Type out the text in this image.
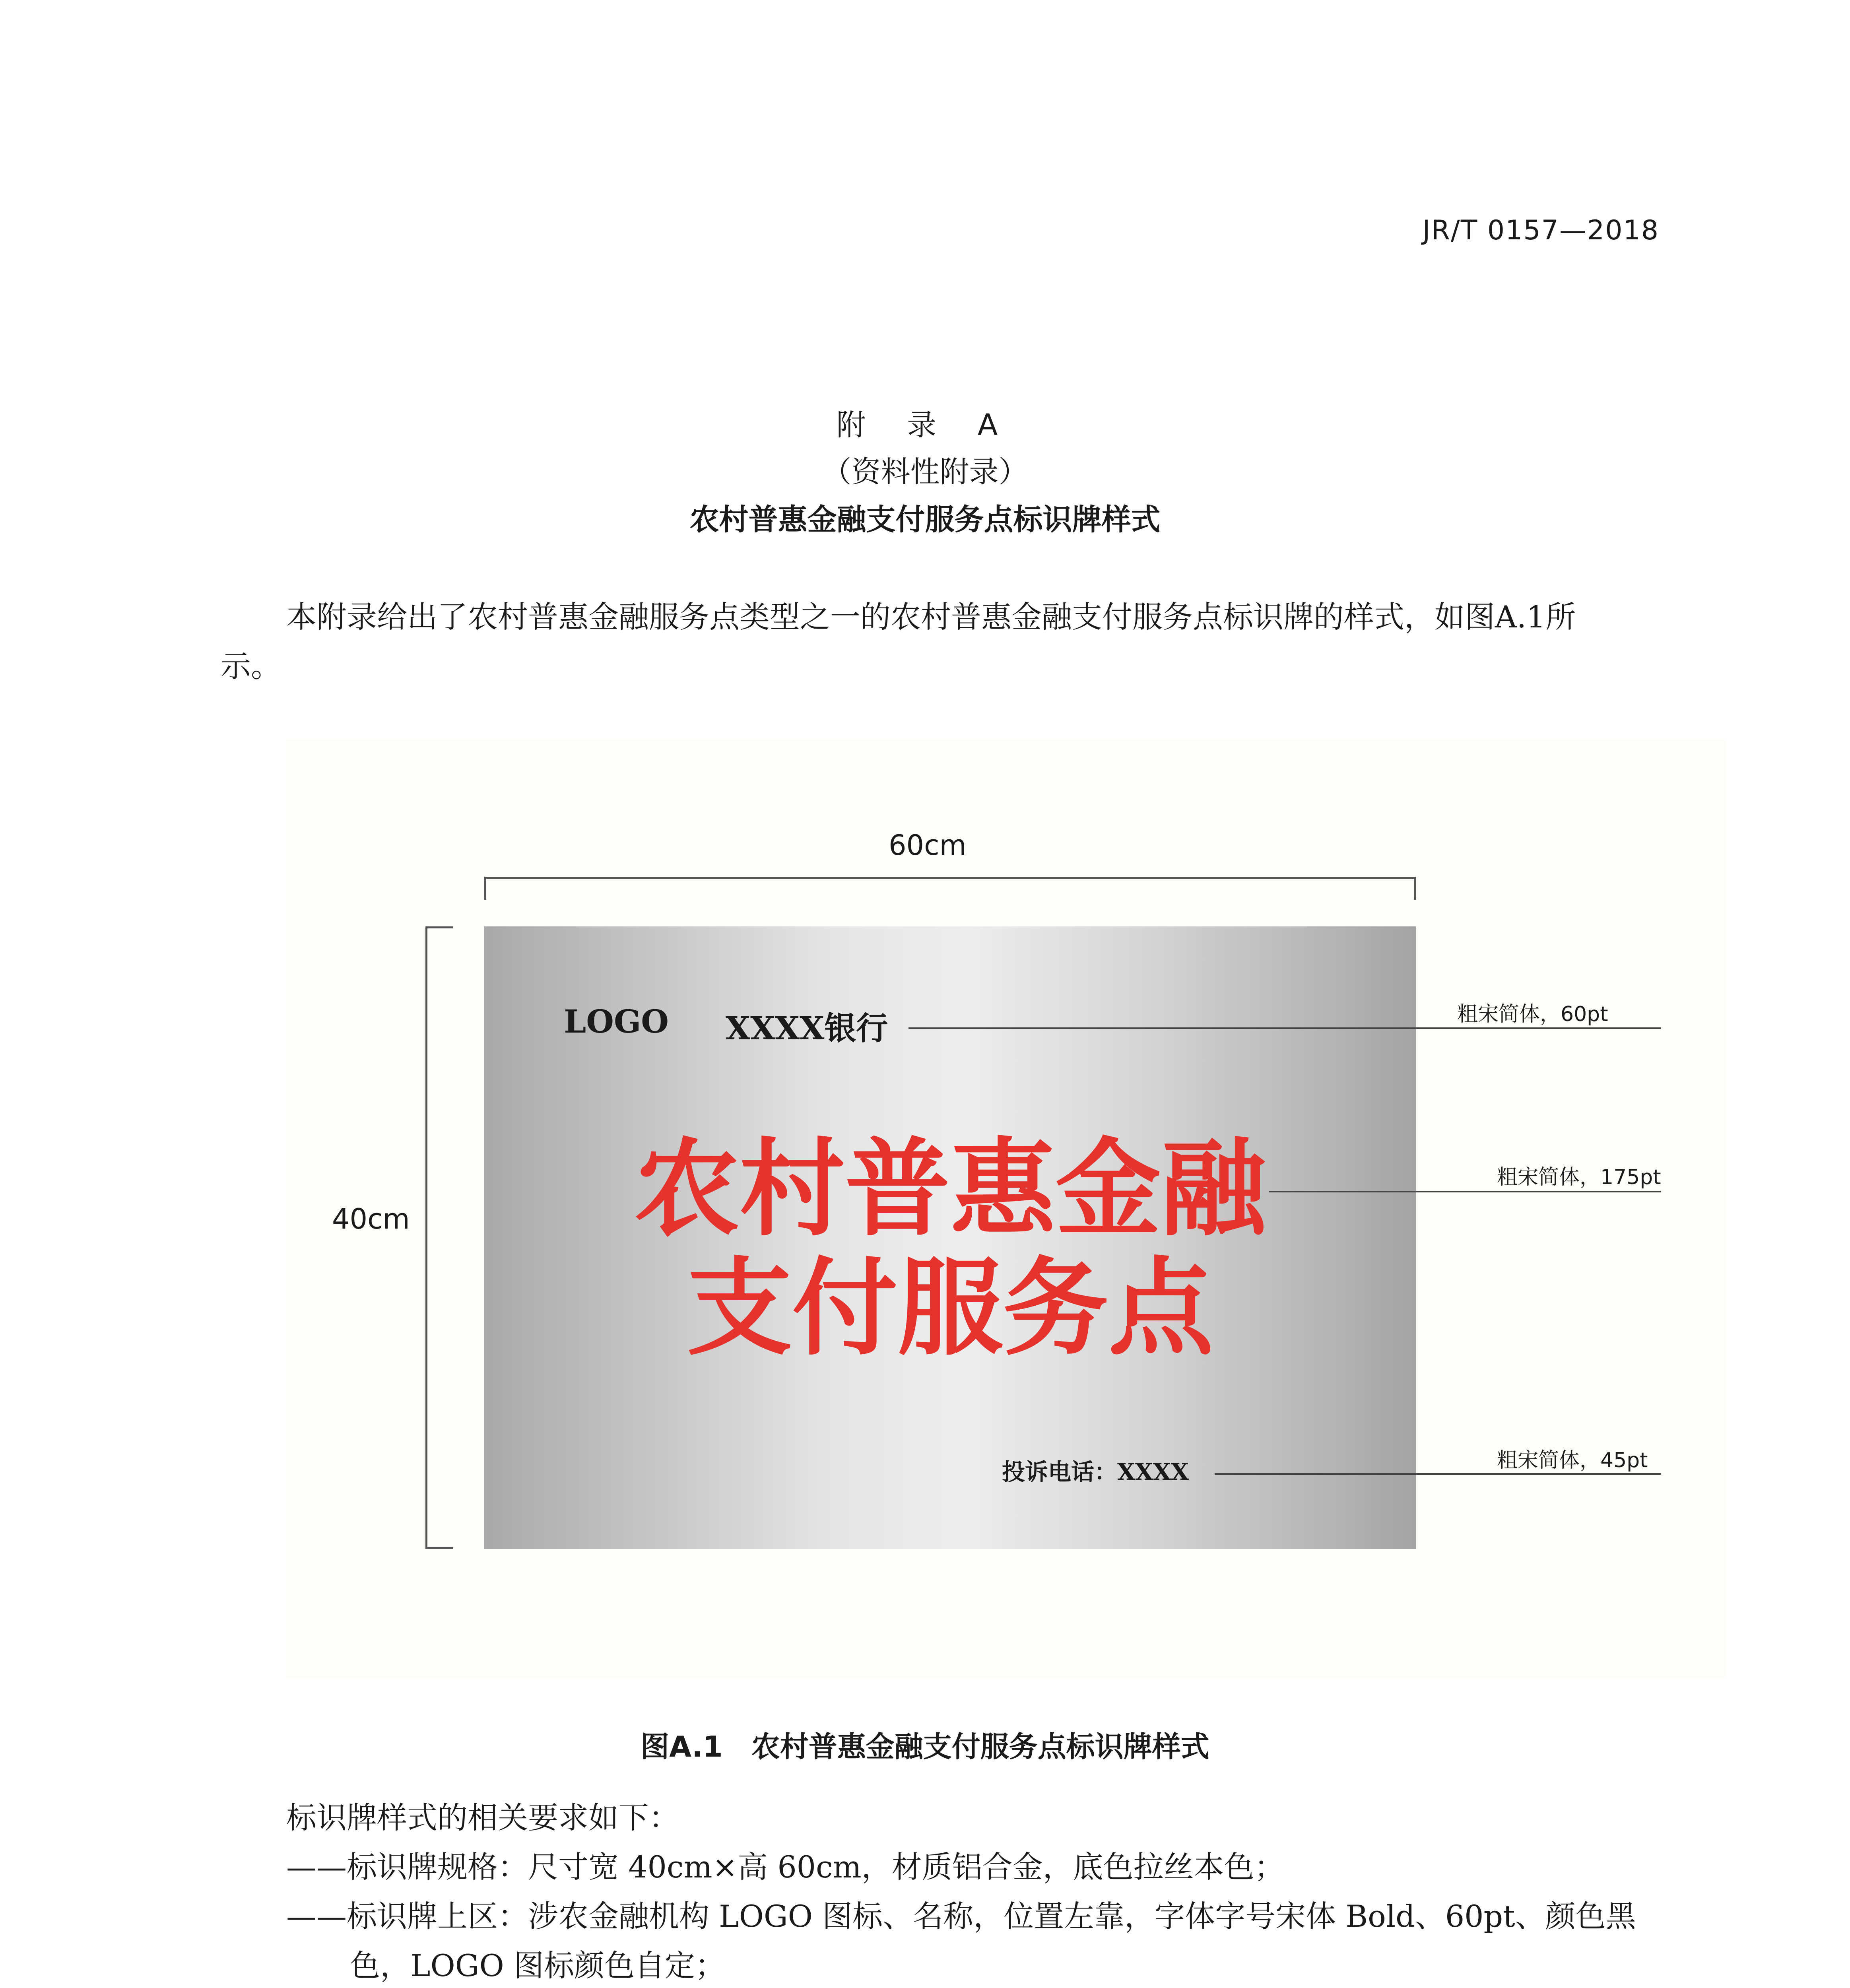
JR/T 0157—2018
附 录 A
（资料性附录）
农村普惠金融支付服务点标识牌样式
本附录给出了农村普惠金融服务点类型之一的农村普惠金融支付服务点标识牌的样式，如图A.1所
示。
60cm
40cm
LOGO XXXX银行
农村普惠金融
支付服务点
投诉电话：XXXX
粗宋简体，60pt
粗宋简体，175pt
粗宋简体，45pt
图A.1　农村普惠金融支付服务点标识牌样式
标识牌样式的相关要求如下：
——标识牌规格：尺寸宽 40cm×高 60cm，材质铝合金，底色拉丝本色；
——标识牌上区：涉农金融机构 LOGO 图标、名称，位置左靠，字体字号宋体 Bold、60pt、颜色黑
色，LOGO 图标颜色自定；
